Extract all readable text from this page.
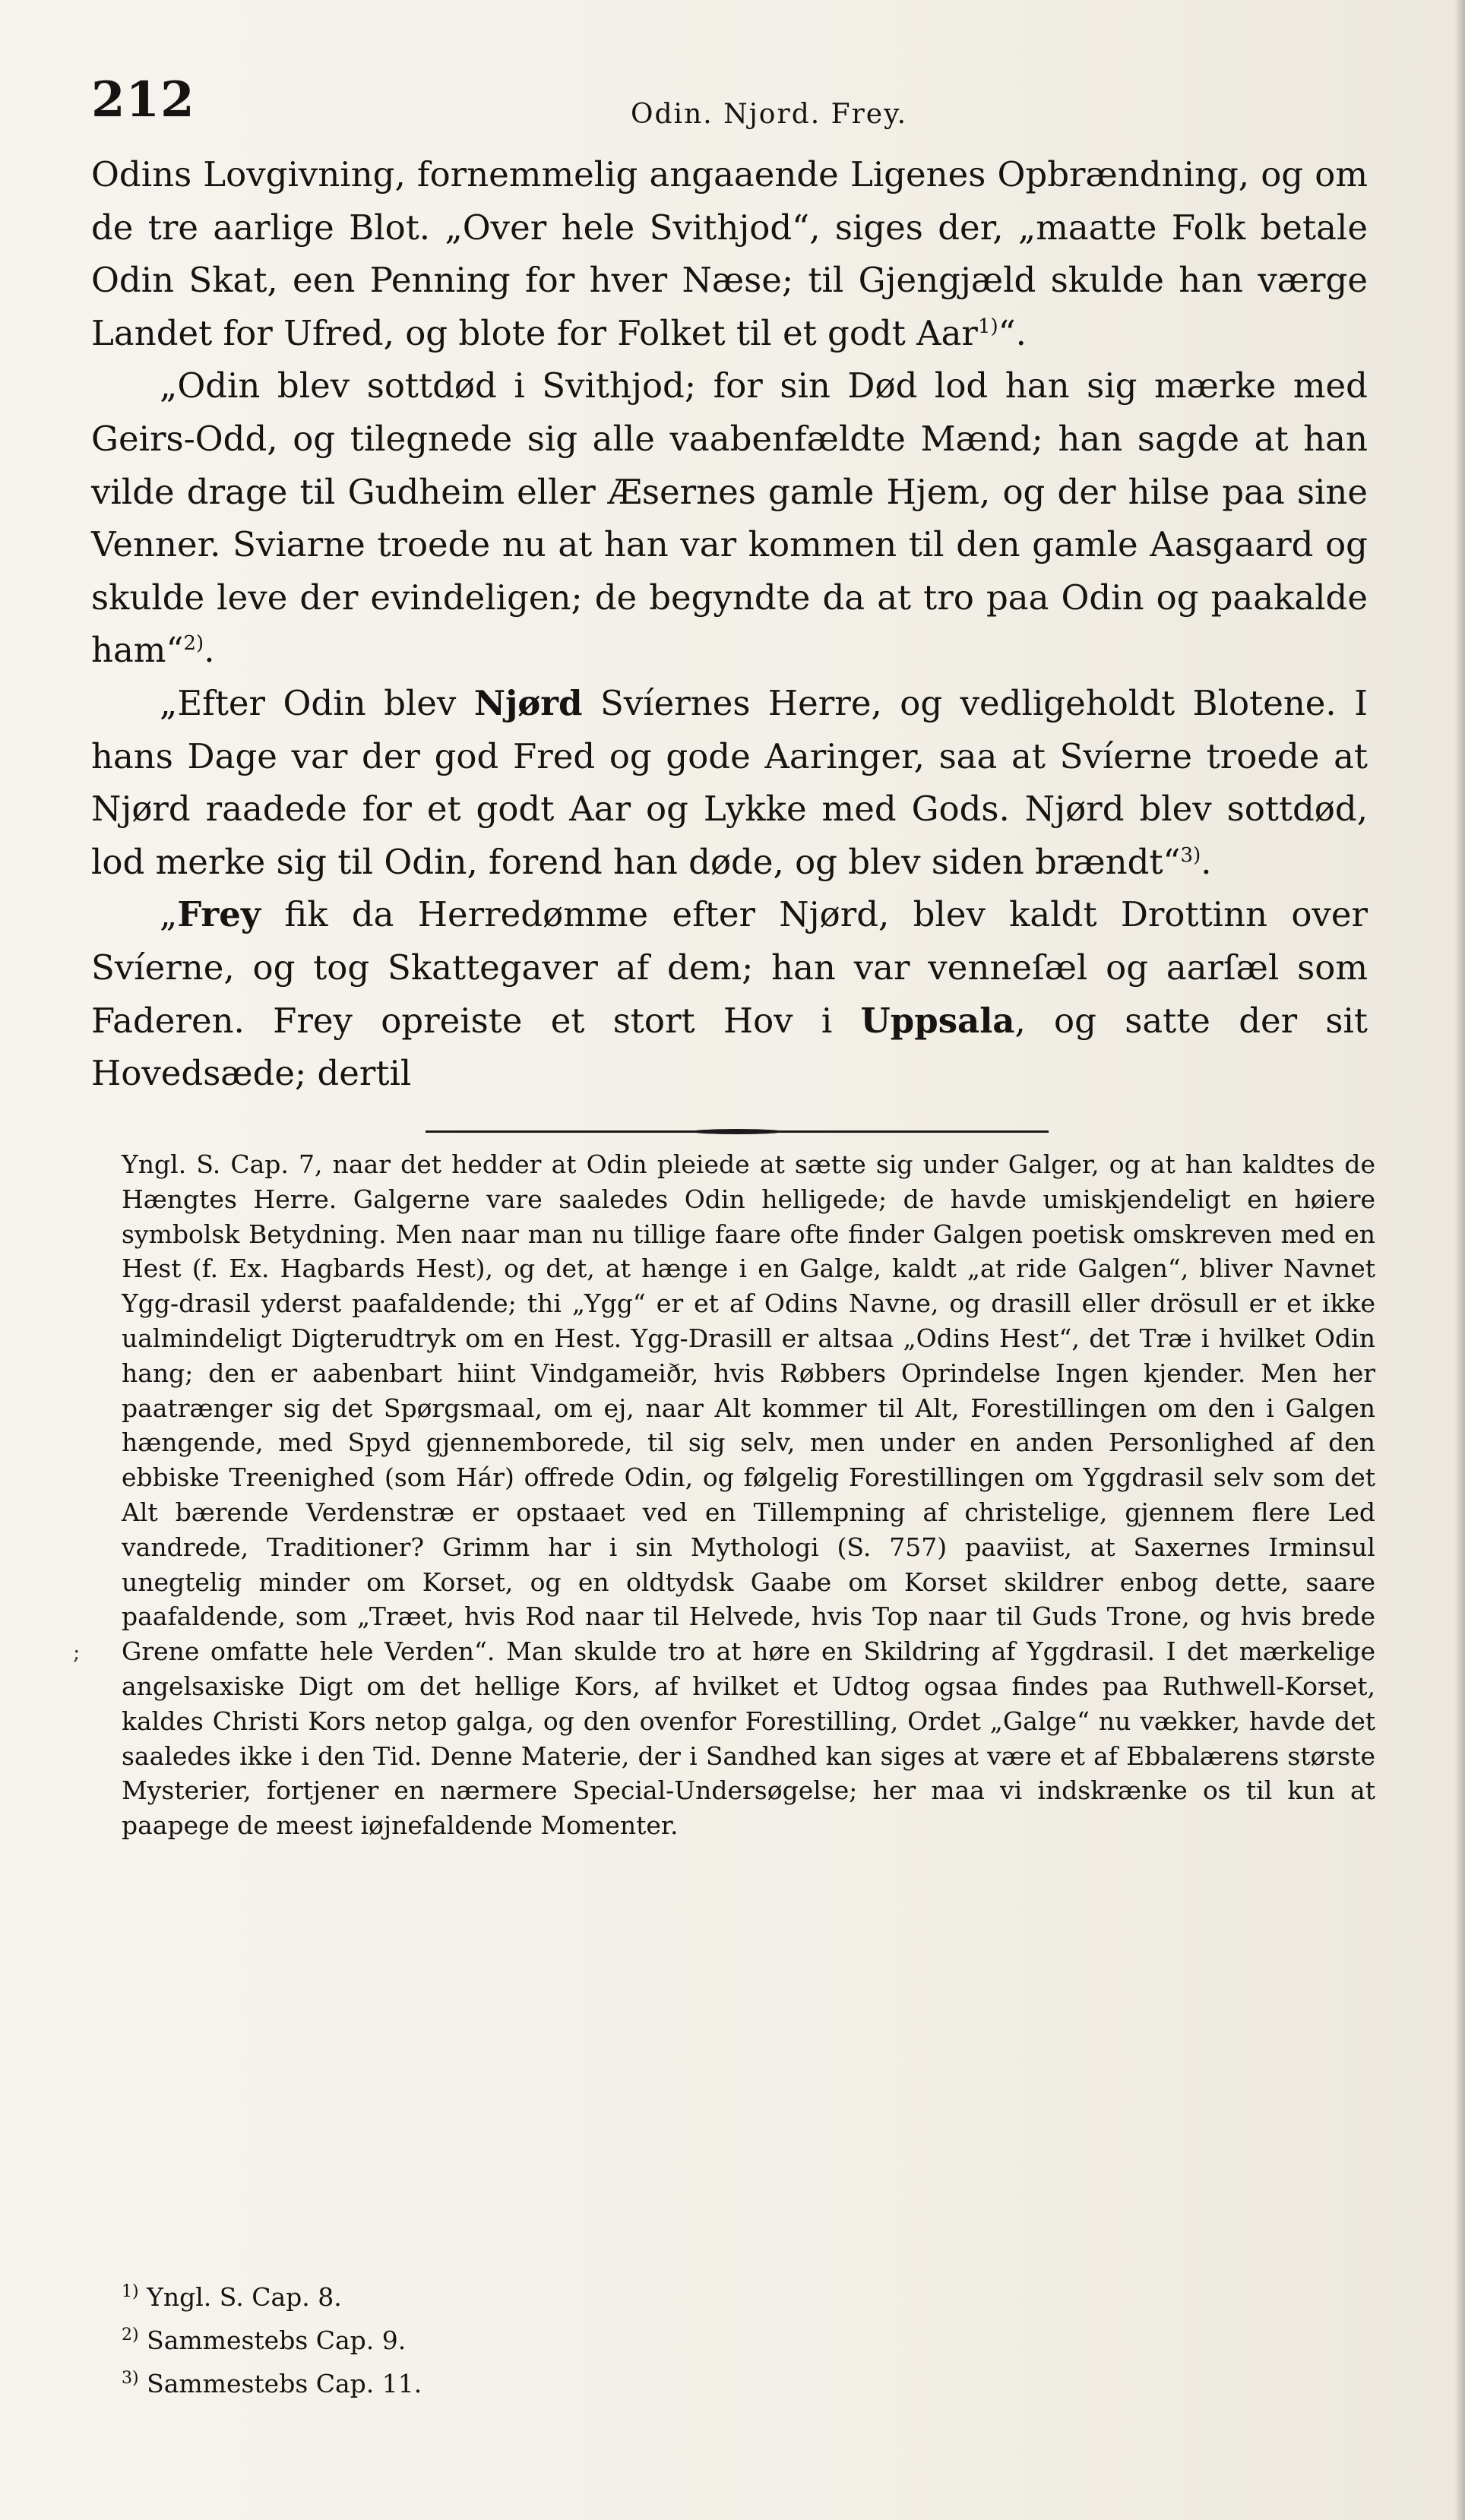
212	Odin. Njord. Frey.

Odins Lovgivning, fornemmelig angaaende Ligenes Opbrændning, og om de tre aarlige Blot. „Over hele Svithjod“, siges der, „maatte Folk betale Odin Skat, een Penning for hver Næse; til Gjengjæld skulde han værge Landet for Ufred, og blote for Folket til et godt Aar$^{1)}$“.

„Odin blev sottdød i Svithjod; for sin Død lod han sig mærke med Geirs-Odd, og tilegnede sig alle vaabenfældte Mænd; han sagde at han vilde drage til Gudheim eller Æsernes gamle Hjem, og der hilse paa sine Venner. Sviarne troede nu at han var kommen til den gamle Aasgaard og skulde leve der evindeligen; de begyndte da at tro paa Odin og paakalde ham“$^{2)}$.

„Efter Odin blev Njørd Svíernes Herre, og vedligeholdt Blotene. I hans Dage var der god Fred og gode Aaringer, saa at Svíerne troede at Njørd raadede for et godt Aar og Lykke med Gods. Njørd blev sottdød, lod merke sig til Odin, forend han døde, og blev siden brændt“$^{3)}$.

„Frey fik da Herredømme efter Njørd, blev kaldt Drottinn over Svíerne, og tog Skattegaver af dem; han var venneſæl og aarſæl som Faderen. Frey opreiste et stort Hov i Uppsala, og satte der sit Hovedsæde; dertil

;

Yngl. S. Cap. 7, naar det hedder at Odin pleiede at sætte sig under Galger, og at han kaldtes de Hængtes Herre. Galgerne vare saaledes Odin helligede; de havde umiskjendeligt en høiere symbolsk Betydning. Men naar man nu tillige faare ofte finder Galgen poetisk omskreven med en Hest (f. Ex. Hagbards Hest), og det, at hænge i en Galge, kaldt „at ride Galgen“, bliver Navnet Ygg-drasil yderst paafaldende; thi „Ygg“ er et af Odins Navne, og drasill eller drösull er et ikke ualmindeligt Digterudtryk om en Hest. Ygg-Drasill er altsaa „Odins Hest“, det Træ i hvilket Odin hang; den er aabenbart hiint Vindgameiðr, hvis Røbbers Oprindelse Ingen kjender. Men her paatrænger sig det Spørgsmaal, om ej, naar Alt kommer til Alt, Forestillingen om den i Galgen hængende, med Spyd gjennemborede, til sig selv, men under en anden Personlighed af den ebbiske Treenighed (som Hár) offrede Odin, og følgelig Forestillingen om Yggdrasil selv som det Alt bærende Verdenstræ er opstaaet ved en Tillempning af christelige, gjennem flere Led vandrede, Traditioner? Grimm har i sin Mythologi (S. 757) paaviist, at Saxernes Irminsul unegtelig minder om Korset, og en oldtydsk Gaabe om Korset skildrer enbog dette, saare paafaldende, som „Træet, hvis Rod naar til Helvede, hvis Top naar til Guds Trone, og hvis brede Grene omfatte hele Verden“. Man skulde tro at høre en Skildring af Yggdrasil. I det mærkelige angelsaxiske Digt om det hellige Kors, af hvilket et Udtog ogsaa findes paa Ruthwell-Korset, kaldes Christi Kors netop galga, og den ovenfor Forestilling, Ordet „Galge“ nu vækker, havde det saaledes ikke i den Tid. Denne Materie, der i Sandhed kan siges at være et af Ebbalærens største Mysterier, fortjener en nærmere Special-Undersøgelse; her maa vi indskrænke os til kun at paapege de meest iøjnefaldende Momenter.

$^{1)}$ Yngl. S. Cap. 8.
$^{2)}$ Sammestebs Cap. 9.
$^{3)}$ Sammestebs Cap. 11.
